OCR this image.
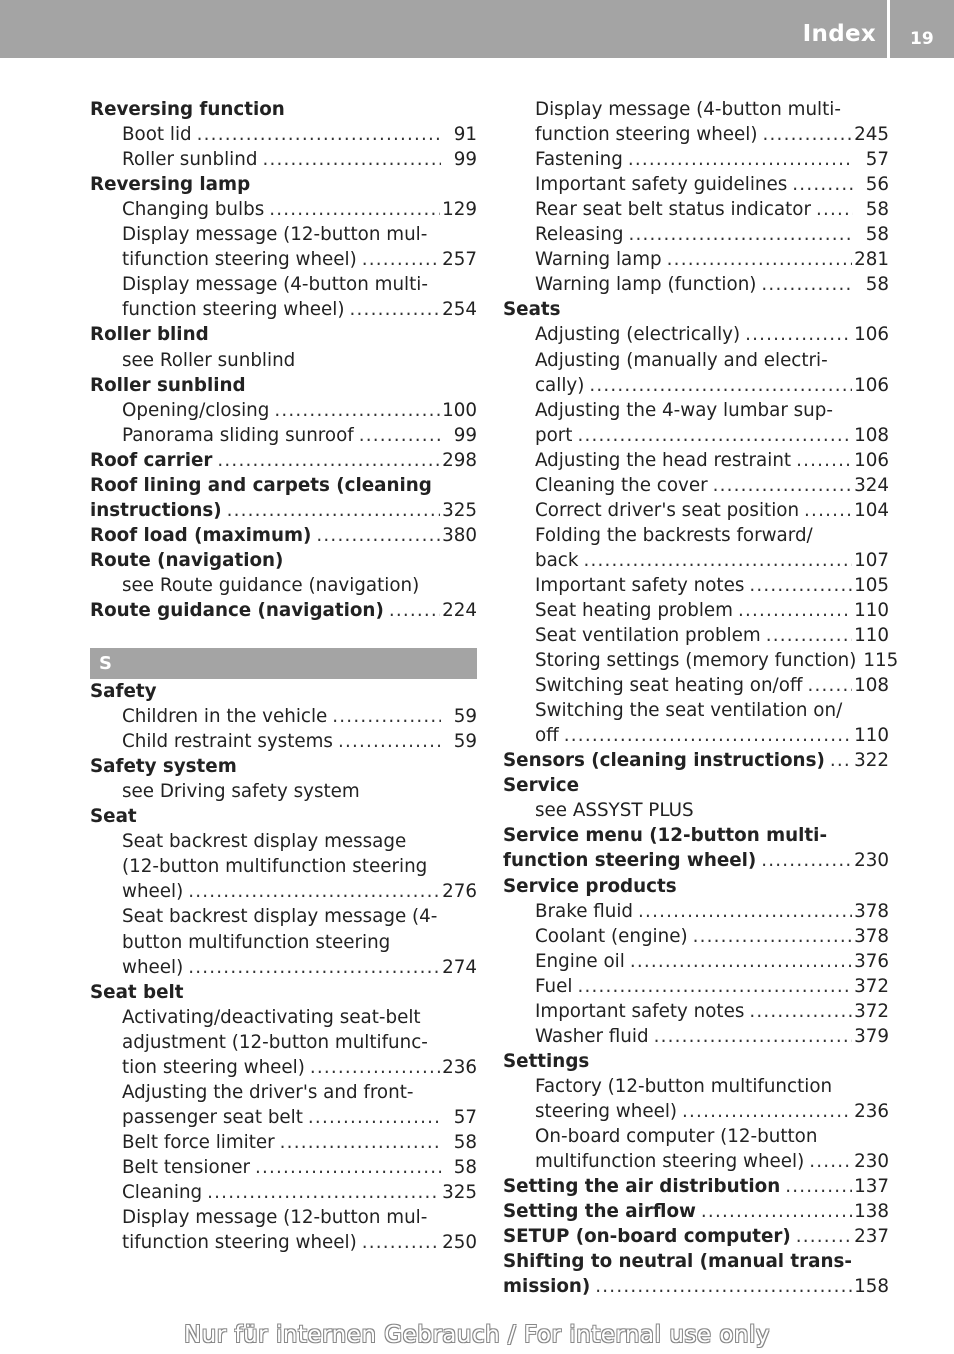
Index 19
Reversing function
Boot lid .....	91
Roller sunblind .....	99
Reversing lamp
Changing bulbs .....	129
Display message (12-button mul-
tifunction steering wheel) .....	257
Display message (4-button multi-
function steering wheel) .....	254
Roller blind
see Roller sunblind
Roller sunblind
Opening/closing .....	100
Panorama sliding sunroof .....	99
Roof carrier .....	298
Roof lining and carpets (cleaning
instructions) .....	325
Roof load (maximum) .....	380
Route (navigation)
see Route guidance (navigation)
Route guidance (navigation) .....	224
S
Safety
Children in the vehicle .....	59
Child restraint systems .....	59
Safety system
see Driving safety system
Seat
Seat backrest display message
(12-button multifunction steering
wheel) .....	276
Seat backrest display message (4-
button multifunction steering
wheel) .....	274
Seat belt
Activating/deactivating seat-belt
adjustment (12-button multifunc-
tion steering wheel) .....	236
Adjusting the driver's and front-
passenger seat belt .....	57
Belt force limiter .....	58
Belt tensioner .....	58
Cleaning .....	325
Display message (12-button mul-
tifunction steering wheel) .....	250
Display message (4-button multi-
function steering wheel) .....	245
Fastening .....	57
Important safety guidelines .....	56
Rear seat belt status indicator .....	58
Releasing .....	58
Warning lamp .....	281
Warning lamp (function) .....	58
Seats
Adjusting (electrically) .....	106
Adjusting (manually and electri-
cally) .....	106
Adjusting the 4-way lumbar sup-
port .....	108
Adjusting the head restraint .....	106
Cleaning the cover .....	324
Correct driver's seat position .....	104
Folding the backrests forward/
back .....	107
Important safety notes .....	105
Seat heating problem .....	110
Seat ventilation problem .....	110
Storing settings (memory function) 115
Switching seat heating on/off .....	108
Switching the seat ventilation on/
off .....	110
Sensors (cleaning instructions) ..... 322
Service
see ASSYST PLUS
Service menu (12-button multi-
function steering wheel) .....	230
Service products
Brake fluid .....	378
Coolant (engine) .....	378
Engine oil .....	376
Fuel .....	372
Important safety notes .....	372
Washer fluid .....	379
Settings
Factory (12-button multifunction
steering wheel) .....	236
On-board computer (12-button
multifunction steering wheel) .....	230
Setting the air distribution .....	137
Setting the airflow .....	138
SETUP (on-board computer) .....	237
Shifting to neutral (manual trans-
mission) .....	158
Nur für internen Gebrauch / For internal use only
